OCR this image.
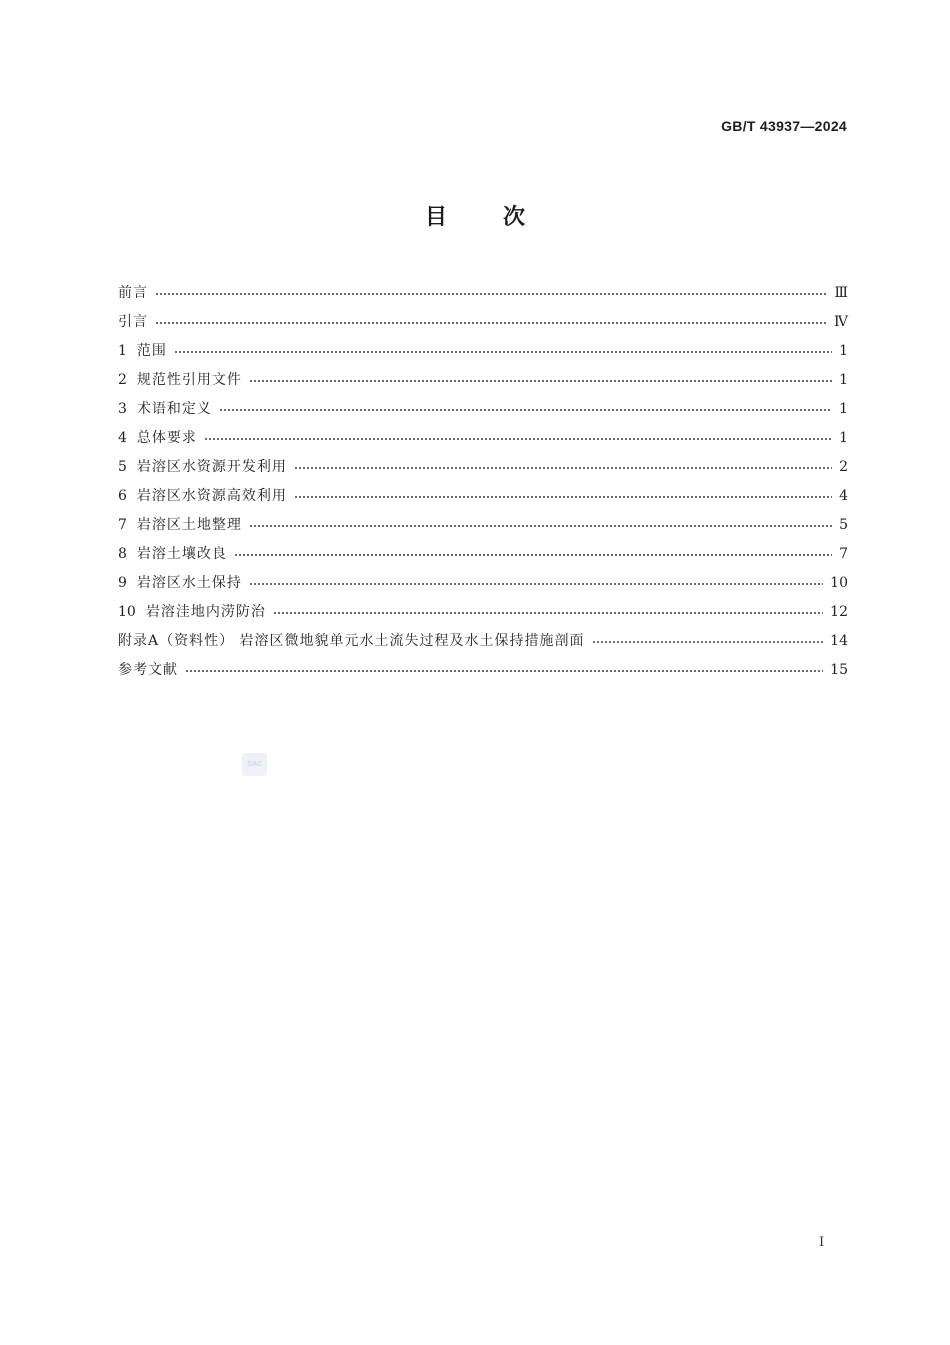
GB/T 43937—2024
目次
前言	Ⅲ
引言	Ⅳ
1 范围	1
2 规范性引用文件	1
3 术语和定义	1
4 总体要求	1
5 岩溶区水资源开发利用	2
6 岩溶区水资源高效利用	4
7 岩溶区土地整理	5
8 岩溶土壤改良	7
9 岩溶区水土保持	10
10 岩溶洼地内涝防治	12
附录A（资料性） 岩溶区微地貌单元水土流失过程及水土保持措施剖面	14
参考文献	15
SAC
Ⅰ
